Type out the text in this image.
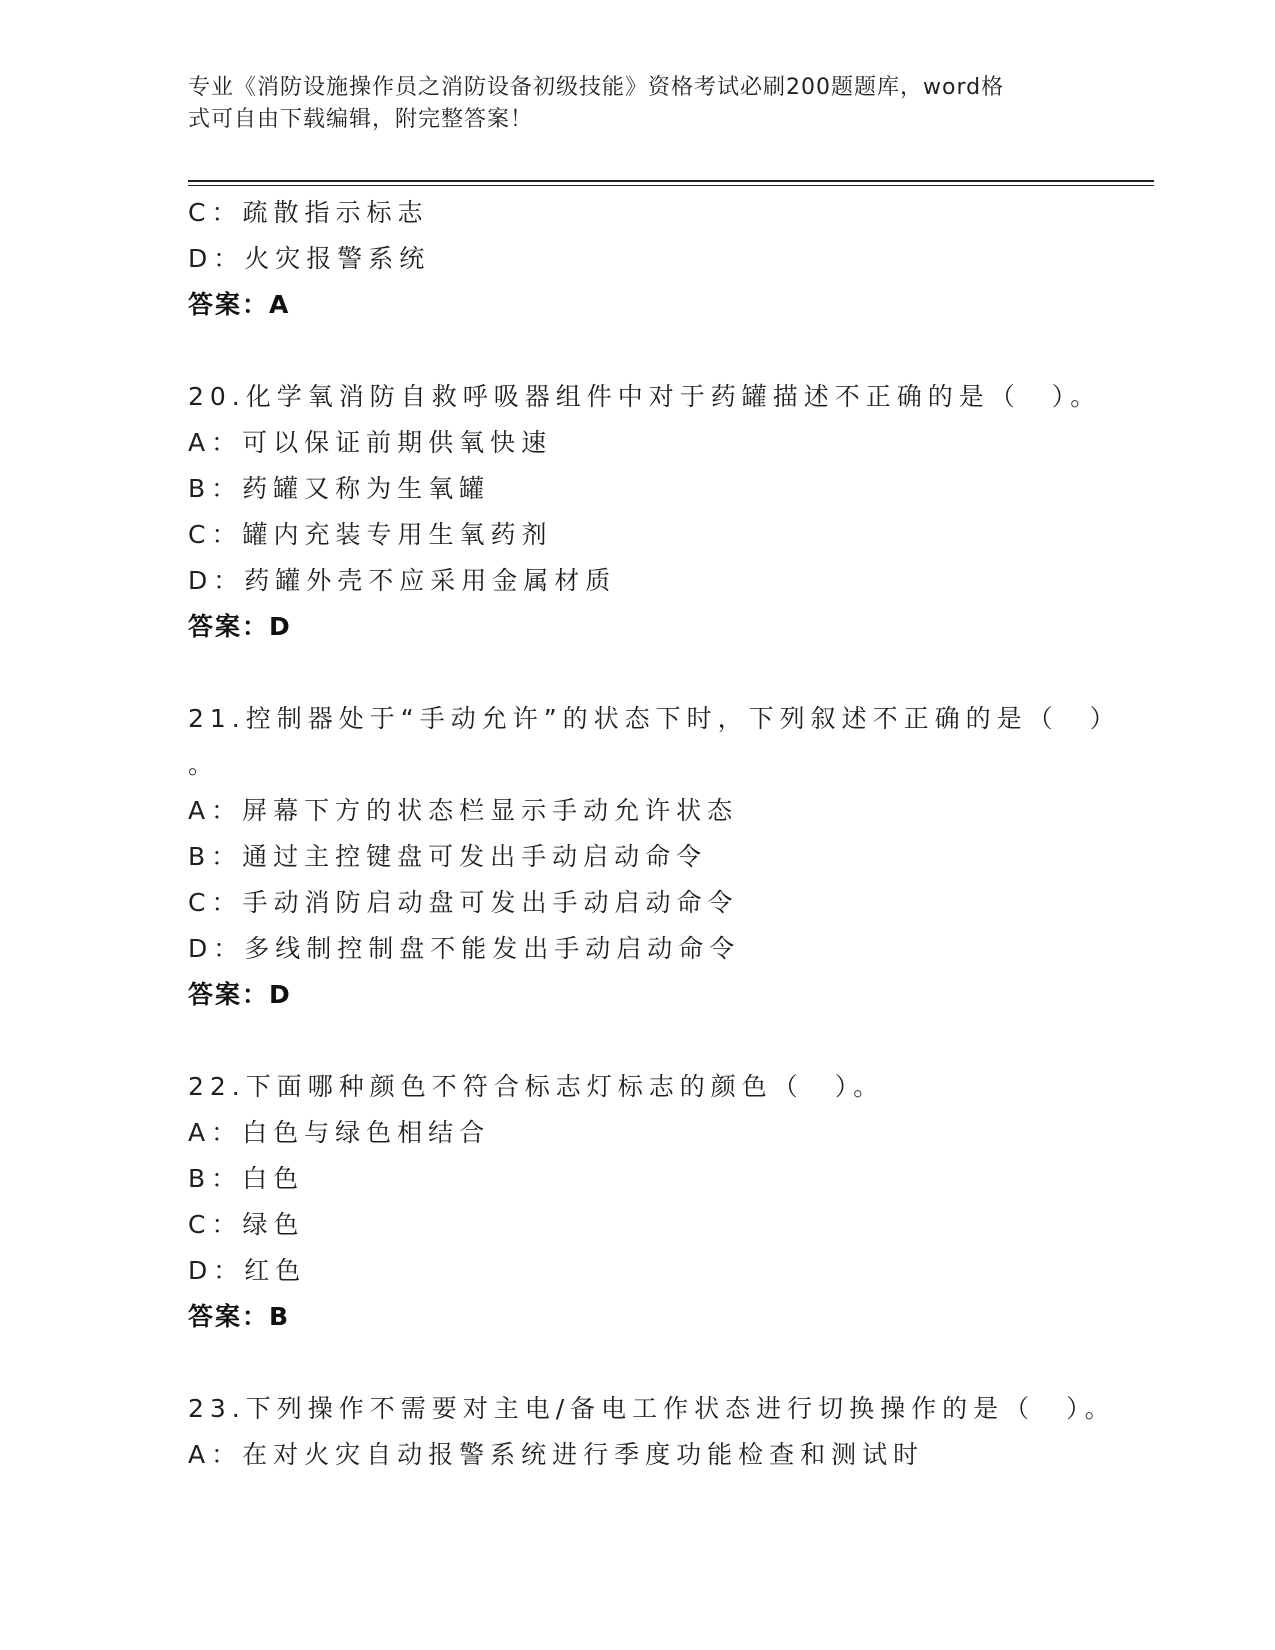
专业《消防设施操作员之消防设备初级技能》资格考试必刷200题题库，word格
式可自由下载编辑，附完整答案！
C：疏散指示标志
D：火灾报警系统
答案：A
20.化学氧消防自救呼吸器组件中对于药罐描述不正确的是（　）。
A：可以保证前期供氧快速
B：药罐又称为生氧罐
C：罐内充装专用生氧药剂
D：药罐外壳不应采用金属材质
答案：D
21.控制器处于“手动允许”的状态下时，下列叙述不正确的是（　）
。
A：屏幕下方的状态栏显示手动允许状态
B：通过主控键盘可发出手动启动命令
C：手动消防启动盘可发出手动启动命令
D：多线制控制盘不能发出手动启动命令
答案：D
22.下面哪种颜色不符合标志灯标志的颜色（　）。
A：白色与绿色相结合
B：白色
C：绿色
D：红色
答案：B
23.下列操作不需要对主电/备电工作状态进行切换操作的是（　）。
A：在对火灾自动报警系统进行季度功能检查和测试时
